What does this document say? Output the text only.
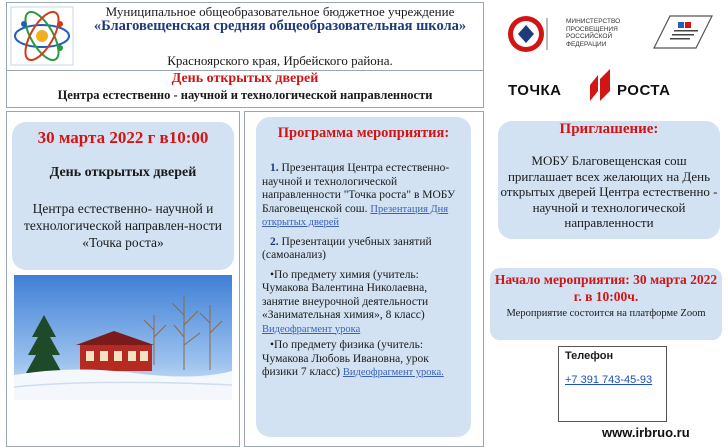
Муниципальное общеобразовательное бюджетное учреждение
«Благовещенская средняя общеобразовательная школа»
Красноярского края, Ирбейского района.
День открытых дверей
Центра естественно - научной и технологической направленности
МИНИСТЕРСТВО ПРОСВЕЩЕНИЯ РОССИЙСКОЙ ФЕДЕРАЦИИ
ТОЧКА	РОСТА
30 марта 2022 г в10:00
День открытых дверей
Центра естественно- научной и технологической направлен-ности «Точка роста»
Программа мероприятия:

1. Презентация Центра естественно- научной и технологической направленности "Точка роста" в МОБУ Благовещенской сош. Презентация Дня открытых дверей

2. Презентации учебных занятий (самоанализ)

•По предмету химия (учитель: Чумакова Валентина Николаевна, занятие внеурочной деятельности «Занимательная химия», 8 класс) Видеофрагмент урока

•По предмету физика (учитель: Чумакова Любовь Ивановна, урок физики 7 класс) Видеофрагмент урока.

Приглашение:
МОБУ Благовещенская сош приглашает всех желающих на День открытых дверей Центра естественно - научной и технологической направленности
Начало мероприятия: 30 марта 2022 г. в 10:00ч.
Мероприятие состоится на платформе Zoom
Телефон
+7 391 743-45-93
www.irbruo.ru
